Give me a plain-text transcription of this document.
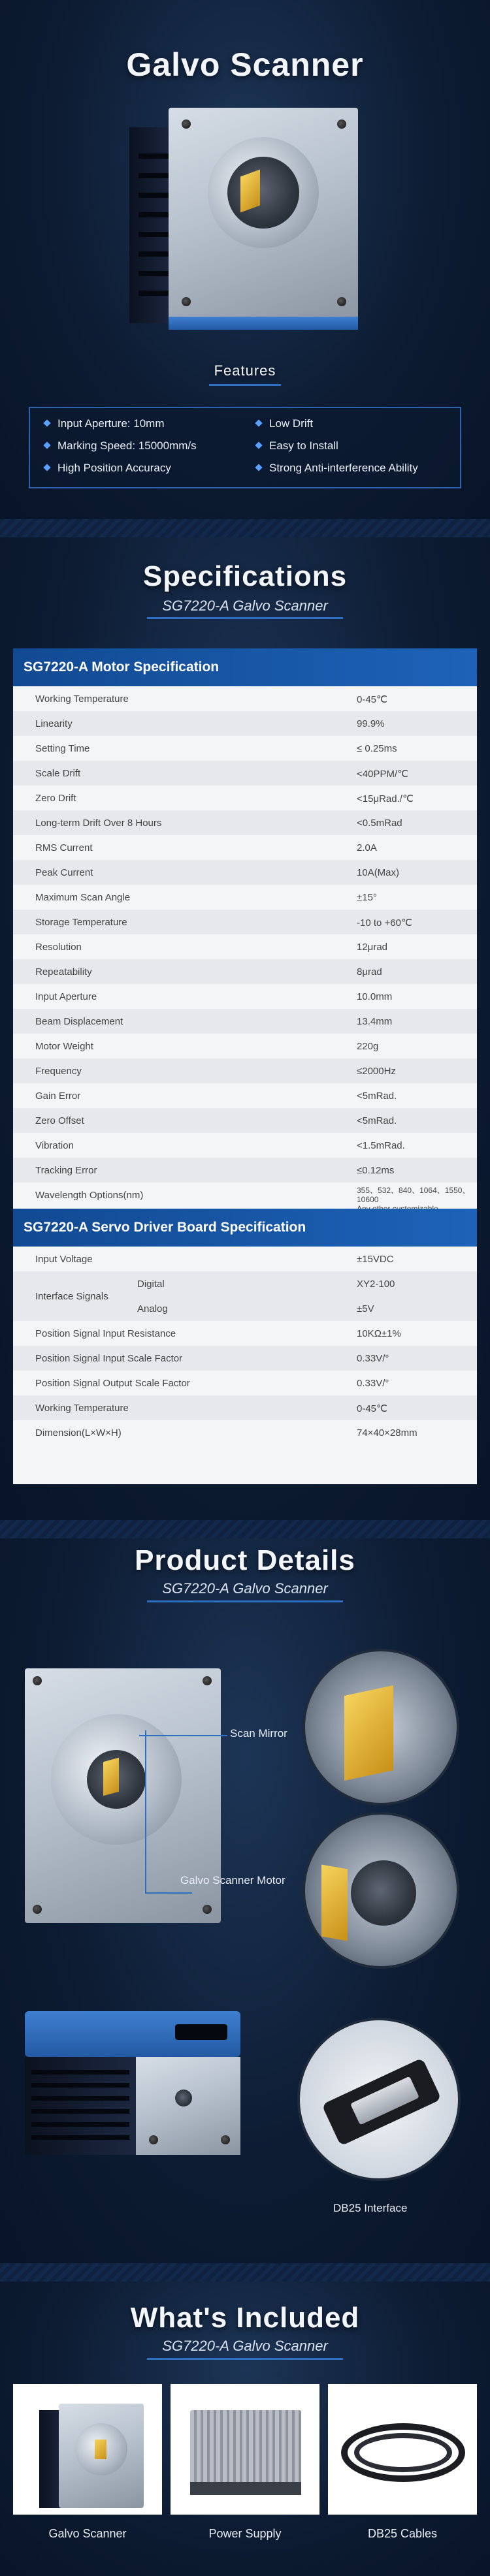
Galvo Scanner
Features
Input Aperture: 10mm	Low Drift
Marking Speed: 15000mm/s	Easy to Install
High Position Accuracy	Strong Anti-interference Ability
Specifications
SG7220-A Galvo Scanner
SG7220-A Motor Specification
Working Temperature	0-45℃
Linearity	99.9%
Setting Time	≤ 0.25ms
Scale Drift	<40PPM/℃
Zero Drift	<15μRad./℃
Long-term Drift Over 8 Hours	<0.5mRad
RMS Current	2.0A
Peak Current	10A(Max)
Maximum Scan Angle	±15°
Storage Temperature	-10 to +60℃
Resolution	12μrad
Repeatability	8μrad
Input Aperture	10.0mm
Beam Displacement	13.4mm
Motor Weight	220g
Frequency	≤2000Hz
Gain Error	<5mRad.
Zero Offset	<5mRad.
Vibration	<1.5mRad.
Tracking Error	≤0.12ms
Wavelength Options(nm)	355、532、840、1064、1550、10600

SG7220-A Servo Driver Board Specification
Input Voltage	±15VDC
Interface Signals
Digital	XY2-100
Analog	±5V
Position Signal Input Resistance	10KΩ±1%
Position Signal Input Scale Factor	0.33V/°
Position Signal Output Scale Factor	0.33V/°
Working Temperature	0-45℃
Dimension(L×W×H)	74×40×28mm
Product Details
SG7220-A Galvo Scanner
Scan Mirror
Galvo Scanner Motor
DB25 Interface
What's Included
SG7220-A Galvo Scanner
Galvo Scanner	Power Supply	DB25 Cables
